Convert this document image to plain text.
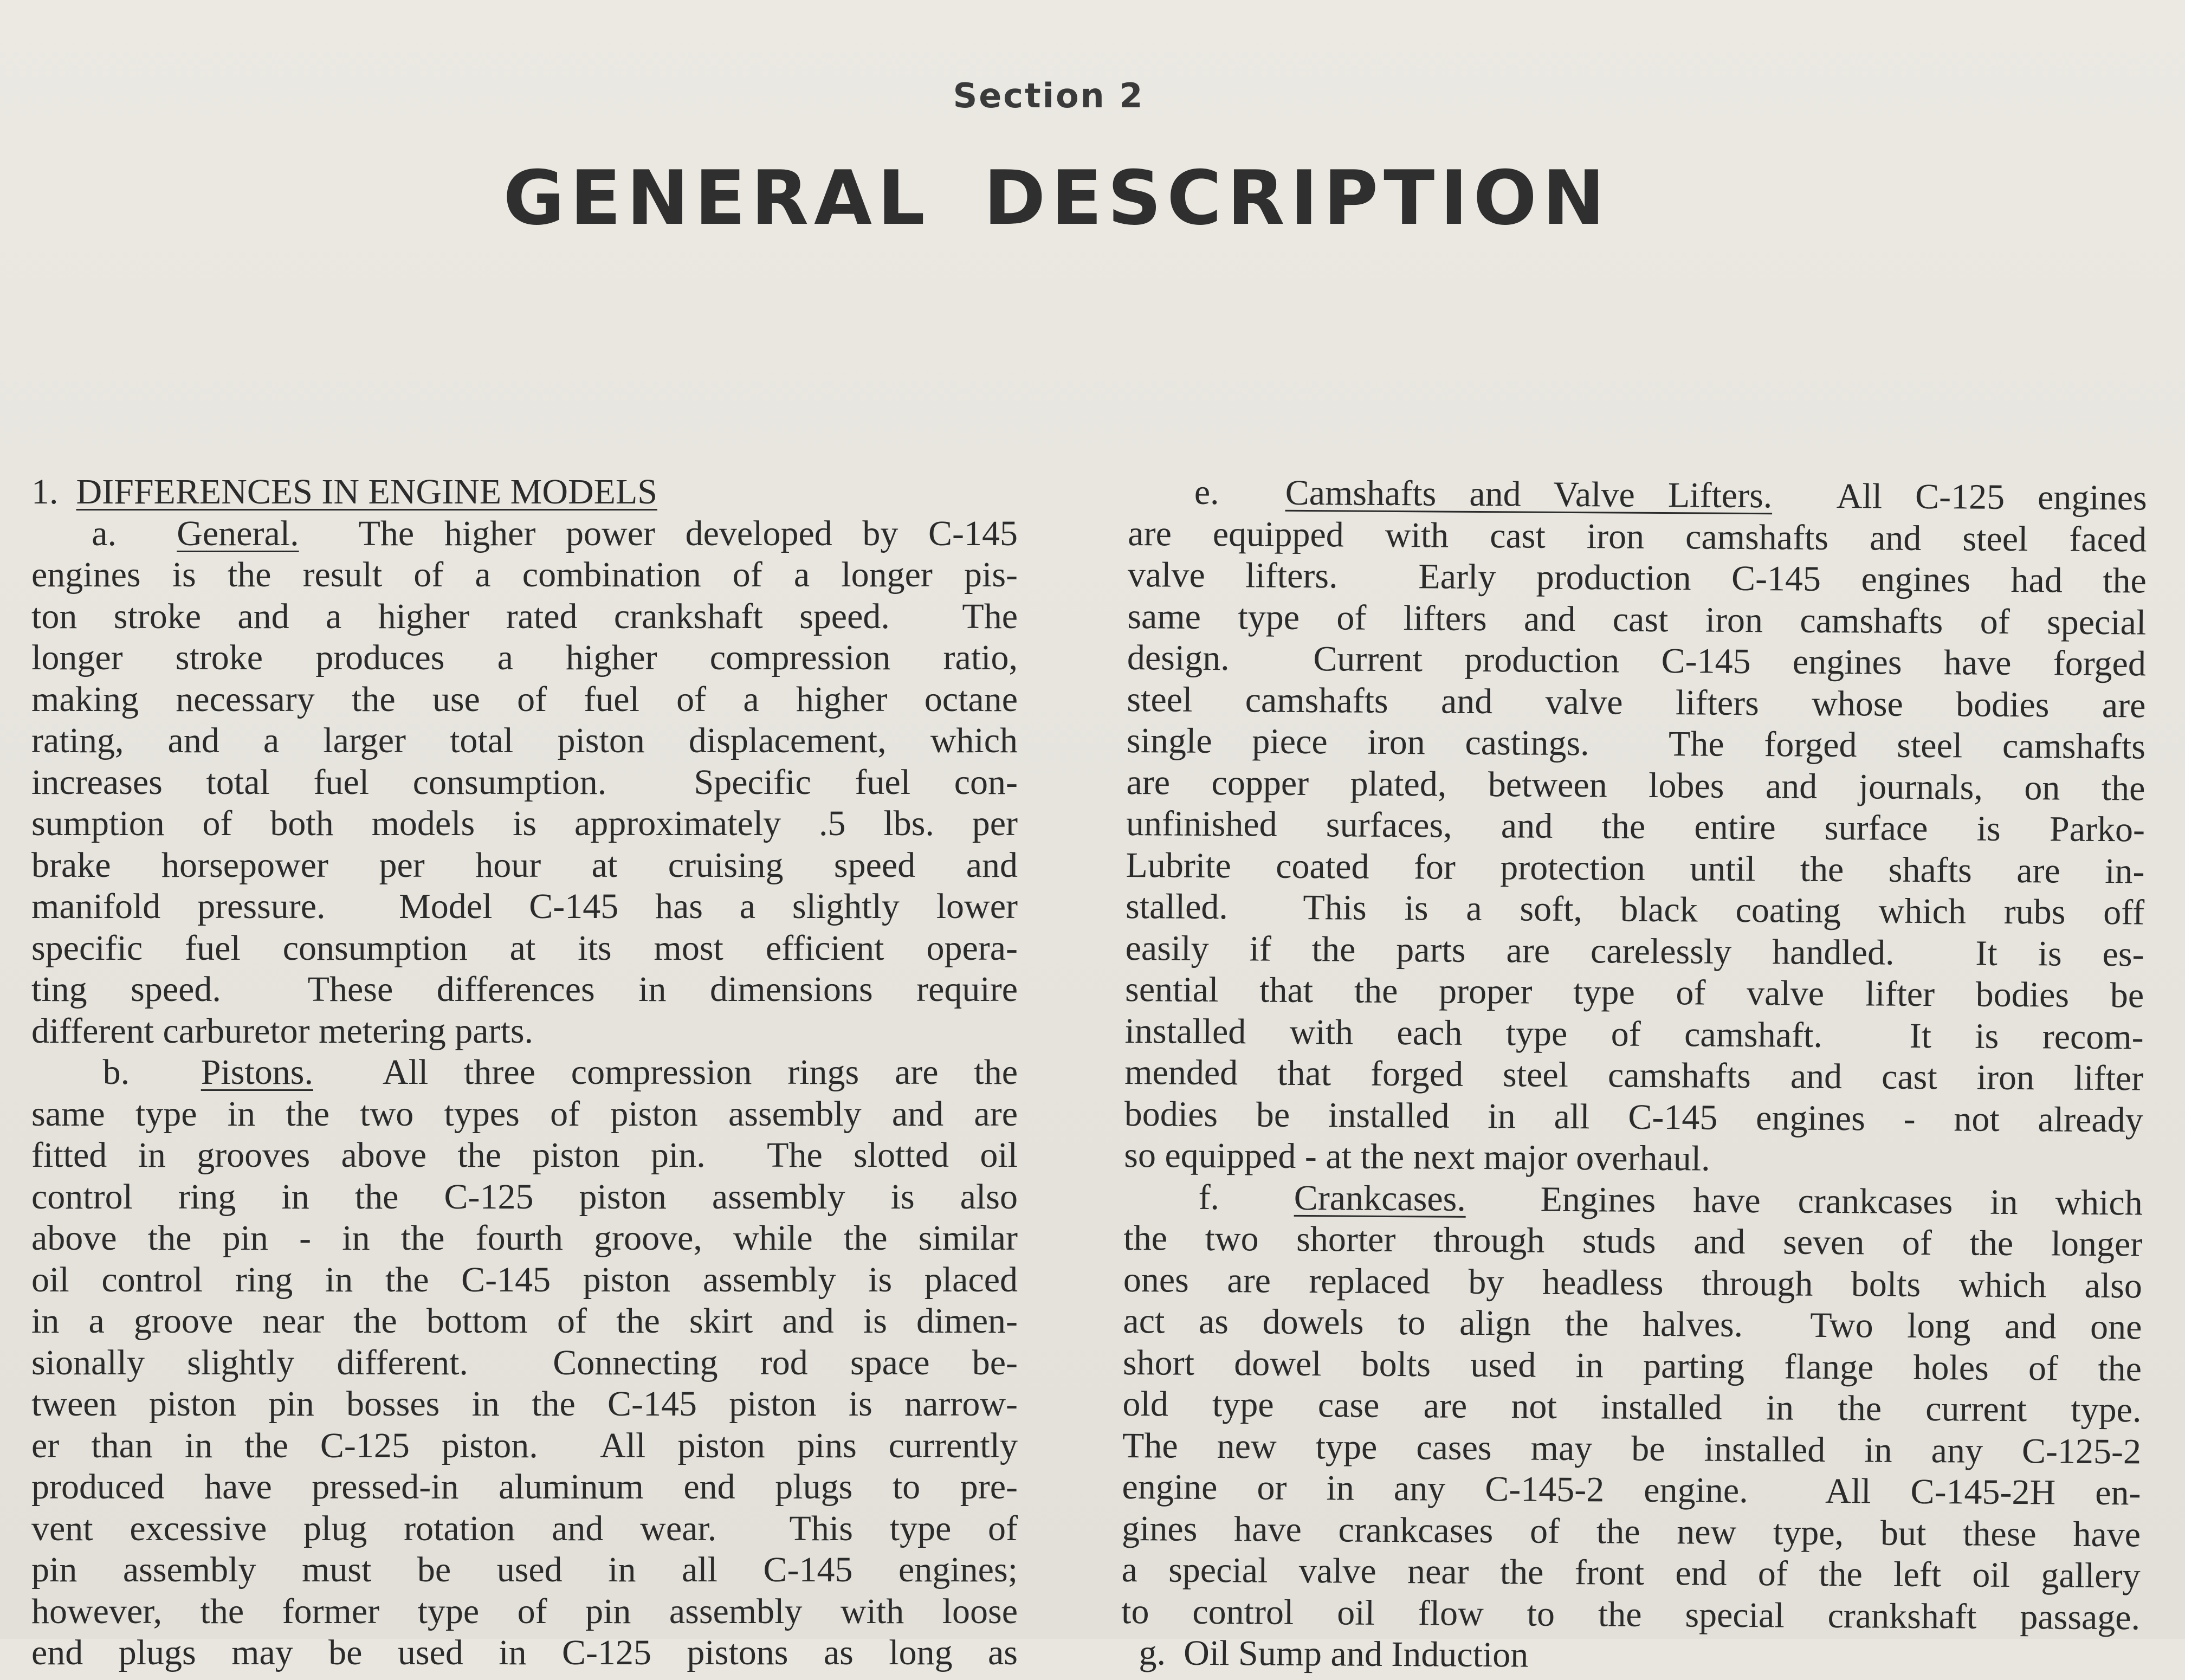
Section 2
GENERAL DESCRIPTION
1.  DIFFERENCES IN ENGINE MODELS
a.  General.  The higher power developed by C-145
engines is the result of a combination of a longer pis-
ton stroke and a higher rated crankshaft speed.  The
longer stroke produces a higher compression ratio,
making necessary the use of fuel of a higher octane
rating, and a larger total piston displacement, which
increases total fuel consumption.  Specific fuel con-
sumption of both models is approximately .5 lbs. per
brake horsepower per hour at cruising speed and
manifold pressure.  Model C-145 has a slightly lower
specific fuel consumption at its most efficient opera-
ting speed.  These differences in dimensions require
different carburetor metering parts.
b.  Pistons.  All three compression rings are the
same type in the two types of piston assembly and are
fitted in grooves above the piston pin.  The slotted oil
control ring in the C-125 piston assembly is also
above the pin - in the fourth groove, while the similar
oil control ring in the C-145 piston assembly is placed
in a groove near the bottom of the skirt and is dimen-
sionally slightly different.  Connecting rod space be-
tween piston pin bosses in the C-145 piston is narrow-
er than in the C-125 piston.  All piston pins currently
produced have pressed-in aluminum end plugs to pre-
vent excessive plug rotation and wear.  This type of
pin assembly must be used in all C-145 engines;
however, the former type of pin assembly with loose
end plugs may be used in C-125 pistons as long as
e.  Camshafts and Valve Lifters.  All C-125 engines
are equipped with cast iron camshafts and steel faced
valve lifters.  Early production C-145 engines had the
same type of lifters and cast iron camshafts of special
design.  Current production C-145 engines have forged
steel camshafts and valve lifters whose bodies are
single piece iron castings.  The forged steel camshafts
are copper plated, between lobes and journals, on the
unfinished surfaces, and the entire surface is Parko-
Lubrite coated for protection until the shafts are in-
stalled.  This is a soft, black coating which rubs off
easily if the parts are carelessly handled.  It is es-
sential that the proper type of valve lifter bodies be
installed with each type of camshaft.  It is recom-
mended that forged steel camshafts and cast iron lifter
bodies be installed in all C-145 engines - not already
so equipped - at the next major overhaul.
f.  Crankcases.  Engines have crankcases in which
the two shorter through studs and seven of the longer
ones are replaced by headless through bolts which also
act as dowels to align the halves.  Two long and one
short dowel bolts used in parting flange holes of the
old type case are not installed in the current type.
The new type cases may be installed in any C-125-2
engine or in any C-145-2 engine.  All C-145-2H en-
gines have crankcases of the new type, but these have
a special valve near the front end of the left oil gallery
to control oil flow to the special crankshaft passage.
g.  Oil Sump and Induction
